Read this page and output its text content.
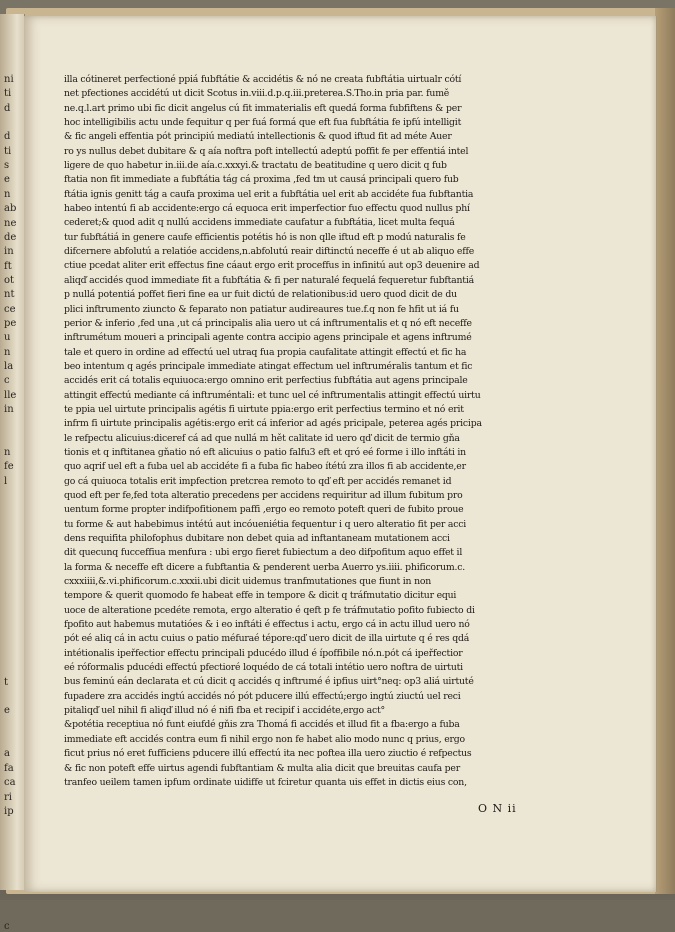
ni
ti
d
d
ti
s
e
n
ab
ne
de
in
ft
ot
nt
ce
pe
u
n
la
c
lle
in
n
fe
l
t
e
a
fa
ca
ri
ip
c
illa cótineret perfectioné ppiá fubftátie & accidétis & nó ne creata fubftátia uirtualr cótí
net pfectiones accidétú ut dicit Scotus in.viii.d.p.q.iii.preterea.S.Tho.in pria par. fumě
ne.q.l.art primo ubi fic dicit angelus cú fit immaterialis eft quedá forma fubfiftens & per
hoc intelligibilis actu unde fequitur q per fuá formá que eft fua fubftátia fe ipfú intelligit
& fic angeli effentia pót principiú mediatú intellectionis & quod iftud fit ad méte Auer
ro ys nullus debet dubitare & q aía noftra poft intellectú adeptú poffit fe per effentiá intel
ligere de quo habetur in.iii.de aía.c.xxxyi.& tractatu de beatitudine q uero dicit q fub
ftatia non fit immediate a fubftátia tág cá proxima ,fed tm ut causá principali quero fub
ftátia ignis genitt tág a caufa proxima uel erit a fubftátia uel erit ab accidéte fua fubftantia
habeo intentú fi ab accidente:ergo cá equoca erit imperfectior fuo effectu quod nullus phí
cederet;& quod adit q nullú accidens immediate caufatur a fubftátia, licet multa fequá
tur fubftátiá in genere caufe efficientis potétis hó is non qlle iftud eft p modú naturalis fe
difcernere abfolutú a relatióe accidens,n.abfolutú reair diftinctú neceffe é ut ab aliquo effe
ctiue pcedat aliter erit effectus fine cáaut ergo erit proceffus in infinitú aut op3 deuenire ad
aliqď accidés quod immediate fit a fubftátia & fi per naturalé fequelá fequeretur fubftantiá
p nullá potentiá poffet fieri fine ea ur fuit dictú de relationibus:id uero quod dicit de du
plici inftrumento ziuncto & feparato non patiatur audireaures tue.f.q non fe hfit ut iá fu
perior & inferio ,fed una ,ut cá principalis alia uero ut cá inftrumentalis et q nó eft neceffe
inftrumétum moueri a principali agente contra accipio agens principale et agens inftrumé
tale et quero in ordine ad effectú uel utraq fua propia caufalitate attingit effectú et fic ha
beo intentum q agés principale immediate atingat effectum uel inftruméralis tantum et fic
accidés erit cá totalis equiuoca:ergo omnino erit perfectius fubftátia aut agens principale
attingit effectú mediante cá inftruméntali: et tunc uel cé inftrumentalis attingit effectú uirtu
te ppia uel uirtute principalis agétis fi uirtute ppia:ergo erit perfectius termino et nó erit
infrm fi uirtute principalis agétis:ergo erit cá inferior ad agés pricipale, peterea agés pricipa
le refpectu alicuius:diceref cá ad que nullá m hět calitate id uero qď dicit de termio gňa
tionis et q inftitanea gňatio nó eft alicuius o patio falfu3 eft et qró eé forme i illo inftáti in
quo aqrif uel eft a fuba uel ab accidéte fi a fuba fic habeo ítétú zra illos fi ab accidente,er
go cá quiuoca totalis erit impfection pretcrea remoto to qď eft per accidés remanet id
quod eft per fe,fed tota alteratio precedens per accidens requiritur ad illum fubitum pro
uentum forme propter indifpofitionem paffi ,ergo eo remoto poteft queri de fubito proue
tu forme & aut habebimus intétú aut incóueniétia fequentur i q uero alteratio fit per acci
dens requifita philofophus dubitare non debet quia ad inftantaneam mutationem acci
dit quecunq fucceffiua menfura : ubi ergo fieret fubiectum a deo difpofitum aquo effet il
la forma & neceffe eft dicere a fubftantia & penderent uerba Auerro ys.iiii. phificorum.c.
cxxxiiii,&.vi.phificorum.c.xxxii.ubi dicit uidemus tranfmutationes que fiunt in non
tempore & querit quomodo fe habeat effe in tempore & dicit q tráfmutatio dicitur equi
uoce de alteratione pcedéte remota, ergo alteratio é qeft p fe tráfmutatio pofito fubiecto di
fpofito aut habemus mutatióes & i eo inftáti é effectus i actu, ergo cá in actu illud uero nó
pót eé aliq cá in actu cuius o patio méfuraé tépore:qď uero dicit de illa uirtute q é res qdá
intétionalis ipeřfectior effectu principali pducédo illud é ípoffibile nó.n.pót cá ipeřfectior
eé róformalis pducédi effectú pfectioré loquédo de cá totali intétio uero noftra de uirtuti
bus feminú eán declarata et cú dicit q accidés q inftrumé é ipfius uirt°neq: op3 aliá uirtuté
fupadere zra accidés ingtú accidés nó pót pducere illú effectú;ergo ingtú ziuctú uel reci
pitaliqď uel nihil fi aliqď illud nó é nifi fba et recipif i accidéte,ergo act°
&potétia receptiua nó funt eiufdé gňis zra Thomá fi accidés et illud fit a fba:ergo a fuba
immediate eft accidés contra eum fi nihil ergo non fe habet alio modo nunc q prius, ergo
ficut prius nó eret fufficiens pducere illú effectú ita nec poftea illa uero ziuctio é refpectus
& fic non poteft effe uirtus agendi fubftantiam & multa alia dicit que breuitas caufa per
tranfeo ueilem tamen ipfum ordinate uidiffe ut fciretur quanta uis effet in dictis eius con,
O N ii
